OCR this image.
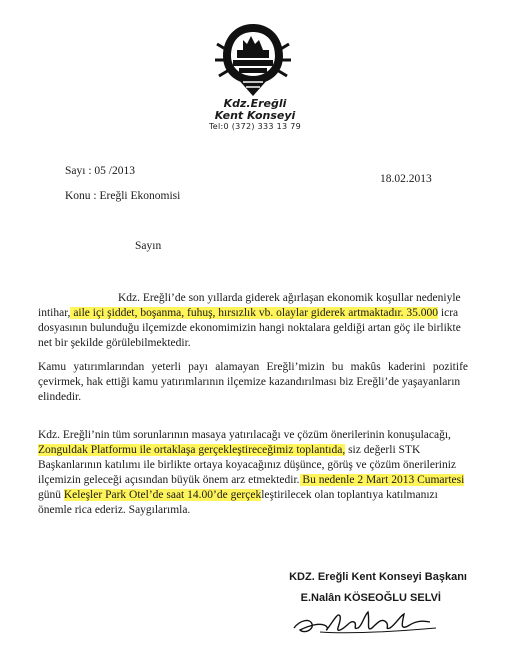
Kdz.Ereğli
Kent Konseyi
Tel:0 (372) 333 13 79
Sayı : 05 /2013
18.02.2013
Konu : Ereğli Ekonomisi
Sayın
Kdz. Ereğli’de son yıllarda giderek ağırlaşan ekonomik koşullar nedeniyle
intihar, aile içi şiddet, boşanma, fuhuş, hırsızlık vb. olaylar giderek artmaktadır. 35.000 icra
dosyasının bulunduğu ilçemizde ekonomimizin hangi noktalara geldiği artan göç ile birlikte
net bir şekilde görülebilmektedir.
Kamu yatırımlarından yeterli payı alamayan Ereğli’mizin bu makûs kaderini pozitife
çevirmek, hak ettiği kamu yatırımlarının ilçemize kazandırılması biz Ereğli’de yaşayanların
elindedir.
Kdz. Ereğli’nin tüm sorunlarının masaya yatırılacağı ve çözüm önerilerinin konuşulacağı,
Zonguldak Platformu ile ortaklaşa gerçekleştireceğimiz toplantıda, siz değerli STK
Başkanlarının katılımı ile birlikte ortaya koyacağınız düşünce, görüş ve çözüm önerileriniz
ilçemizin geleceği açısından büyük önem arz etmektedir. Bu nedenle 2 Mart 2013 Cumartesi
günü Keleşler Park Otel’de saat 14.00’de gerçekleştirilecek olan toplantıya katılmanızı
önemle rica ederiz. Saygılarımla.
KDZ. Ereğli Kent Konseyi Başkanı
E.Nalân KÖSEOĞLU SELVİ
